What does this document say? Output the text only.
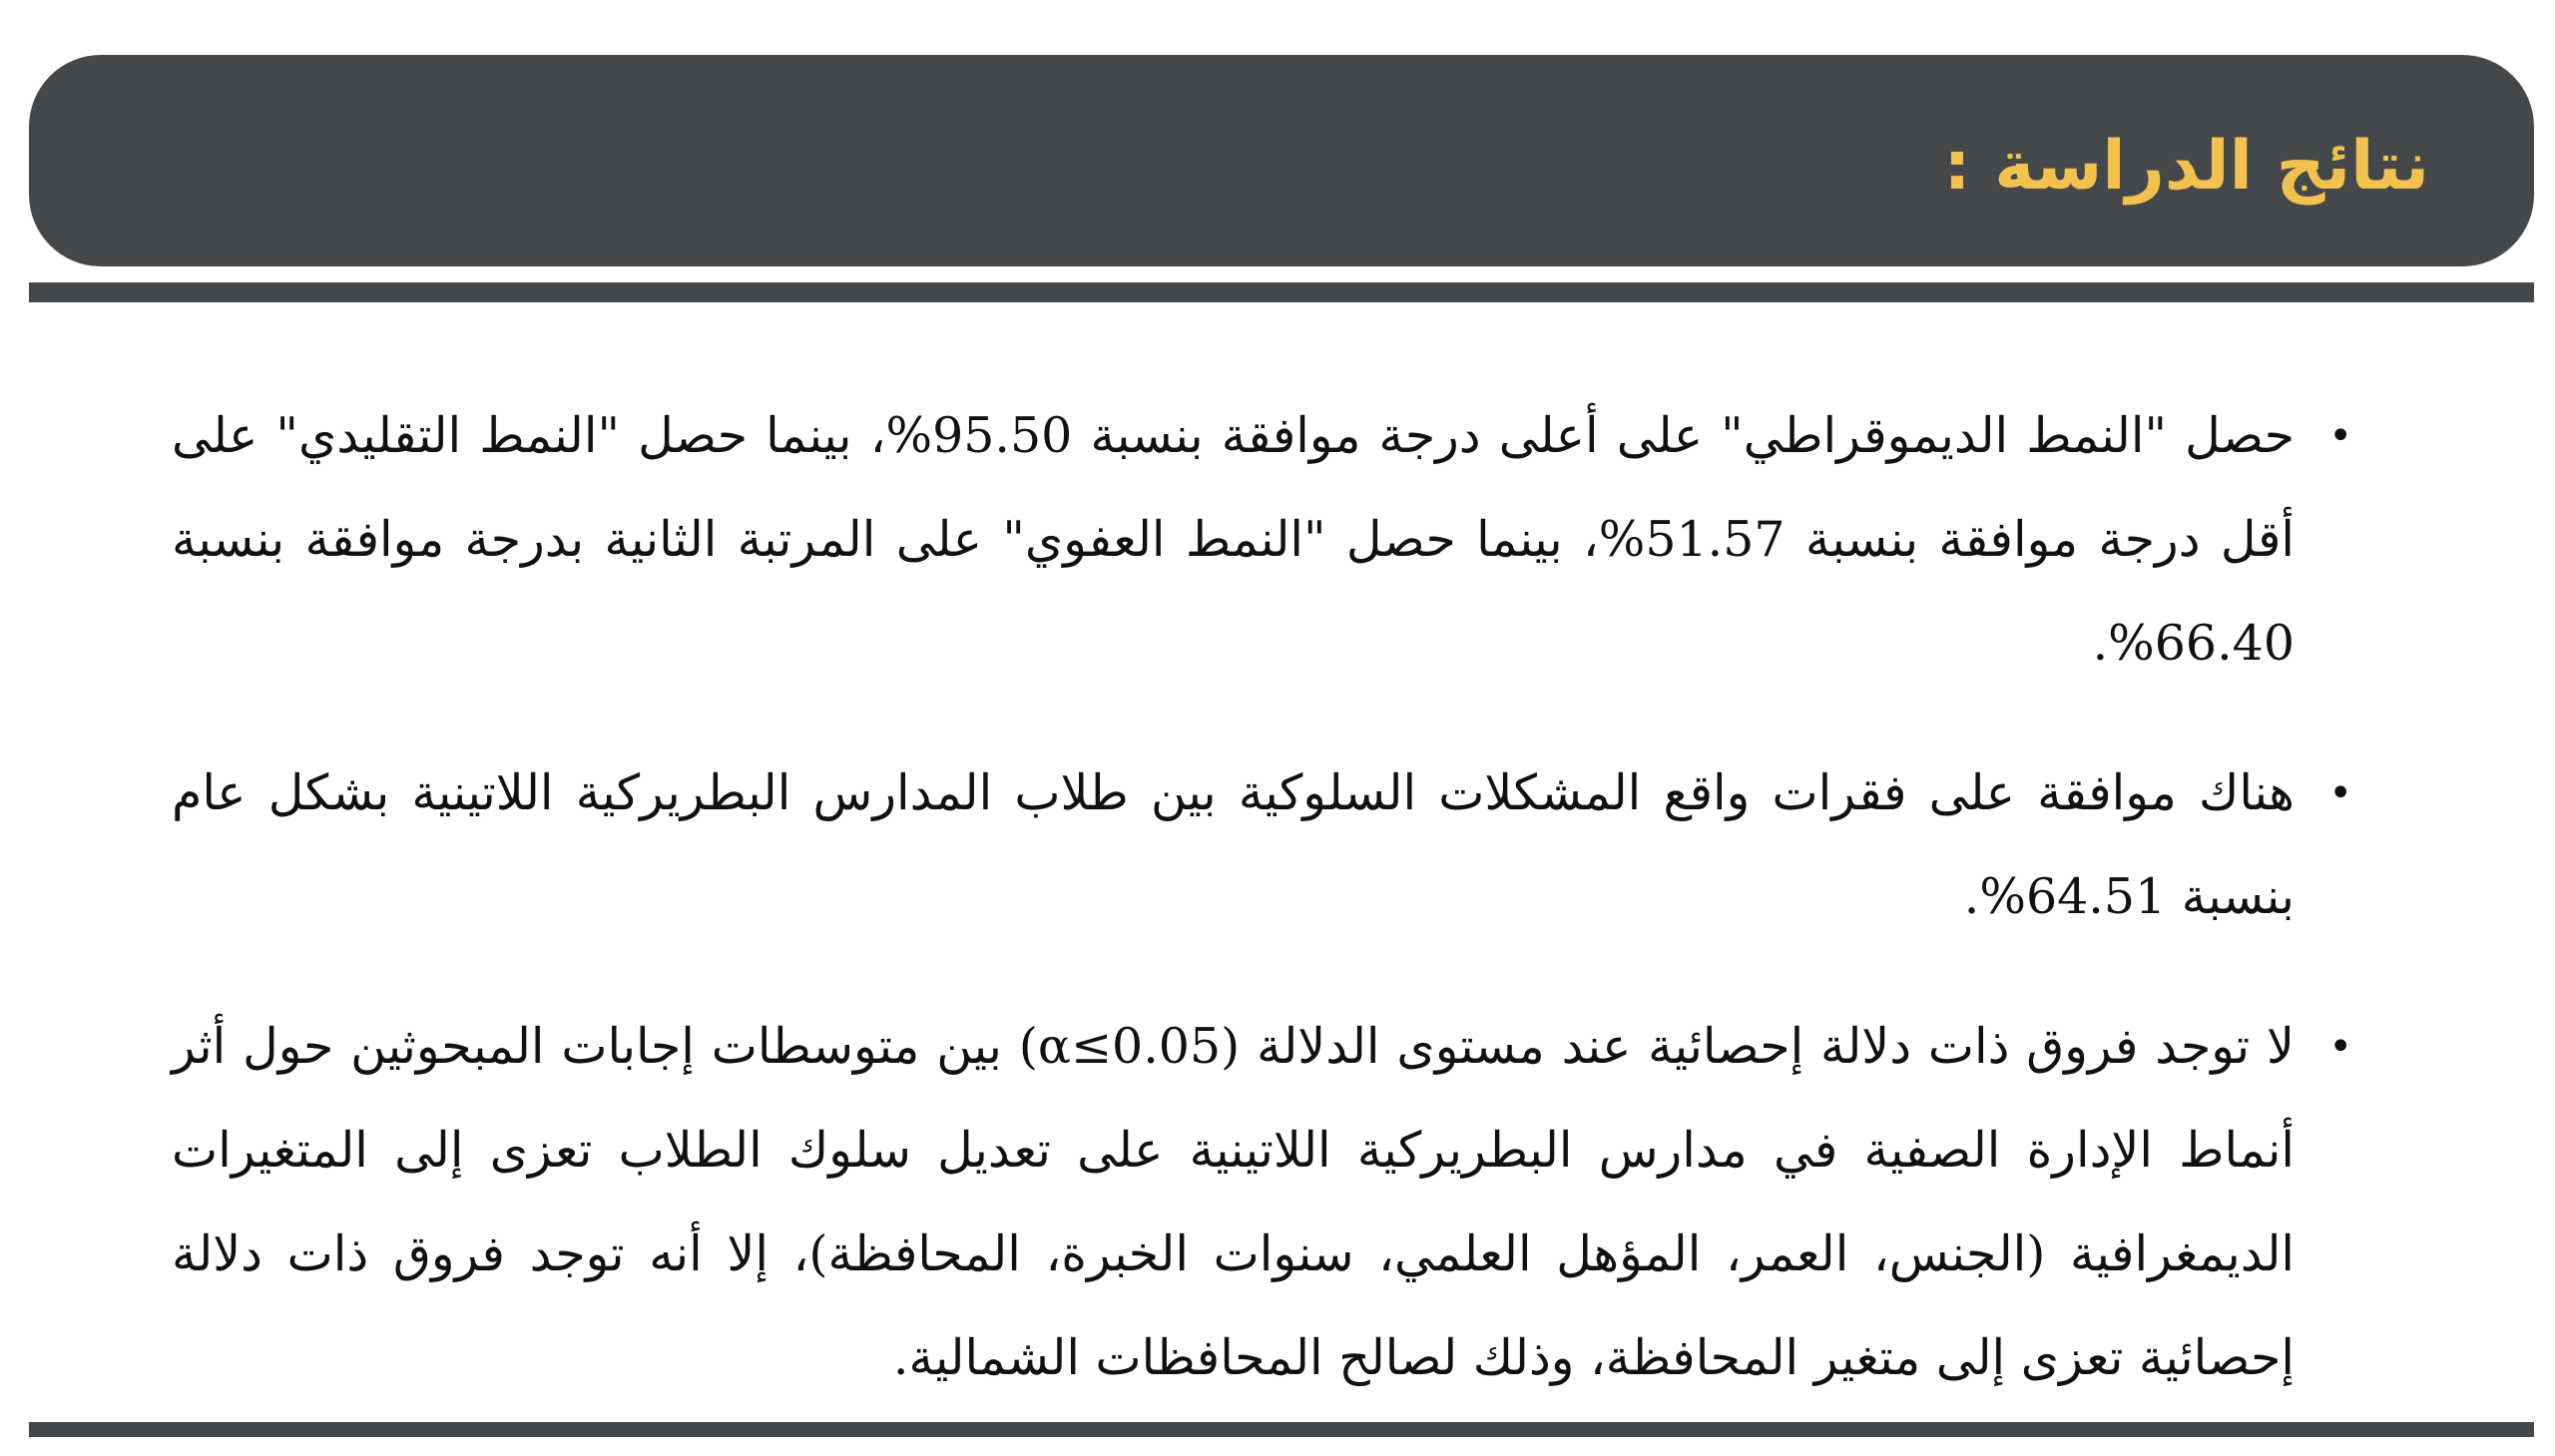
نتائج الدراسة :
•
حصل "النمط الديموقراطي" على أعلى درجة موافقة بنسبة 95.50%، بينما حصل "النمط التقليدي" على أقل درجة موافقة بنسبة 51.57%، بينما حصل "النمط العفوي" على المرتبة الثانية بدرجة موافقة بنسبة 66.40%.
•
هناك موافقة على فقرات واقع المشكلات السلوكية بين طلاب المدارس البطريركية اللاتينية بشكل عام بنسبة 64.51%.
•
لا توجد فروق ذات دلالة إحصائية عند مستوى الدلالة (α≤0.05) بين متوسطات إجابات المبحوثين حول أثر أنماط الإدارة الصفية في مدارس البطريركية اللاتينية على تعديل سلوك الطلاب تعزى إلى المتغيرات الديمغرافية (الجنس، العمر، المؤهل العلمي، سنوات الخبرة، المحافظة)، إلا أنه توجد فروق ذات دلالة إحصائية تعزى إلى متغير المحافظة، وذلك لصالح المحافظات الشمالية.
